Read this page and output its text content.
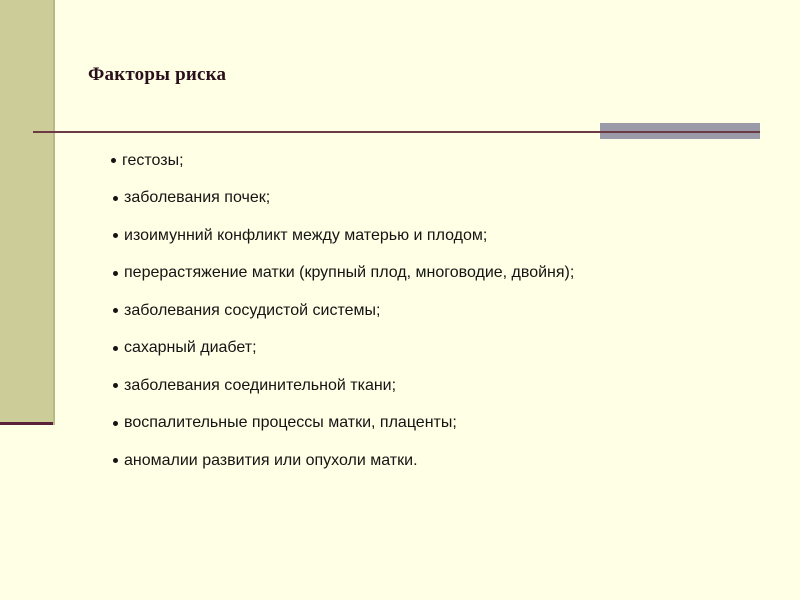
Факторы риска
гестозы;
заболевания почек;
изоимунний конфликт между матерью и плодом;
перерастяжение матки (крупный плод, многоводие, двойня);
заболевания сосудистой системы;
сахарный диабет;
заболевания соединительной ткани;
воспалительные процессы матки, плаценты;
аномалии развития или опухоли матки.
